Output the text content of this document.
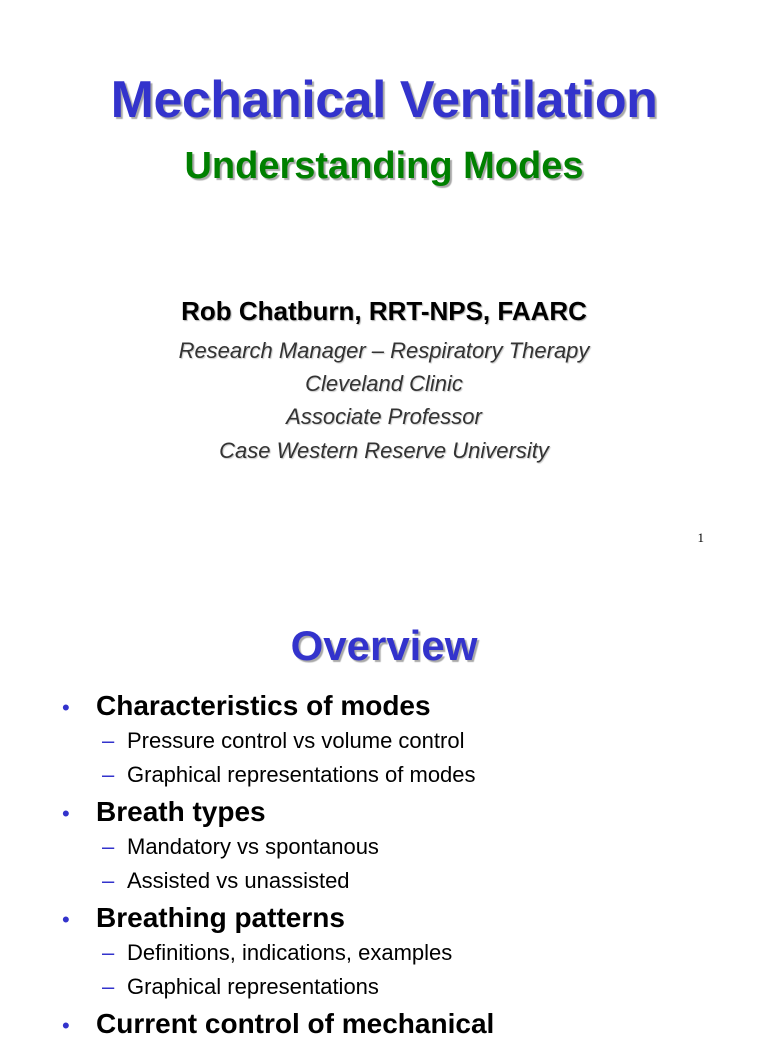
Mechanical Ventilation
Understanding Modes
Rob Chatburn, RRT-NPS, FAARC
Research Manager – Respiratory Therapy
Cleveland Clinic
Associate Professor
Case Western Reserve University
1
Overview
• Characteristics of modes
– Pressure control vs volume control
– Graphical representations of modes
• Breath types
– Mandatory vs spontanous
– Assisted vs unassisted
• Breathing patterns
– Definitions, indications, examples
– Graphical representations
• Current control of mechanical
